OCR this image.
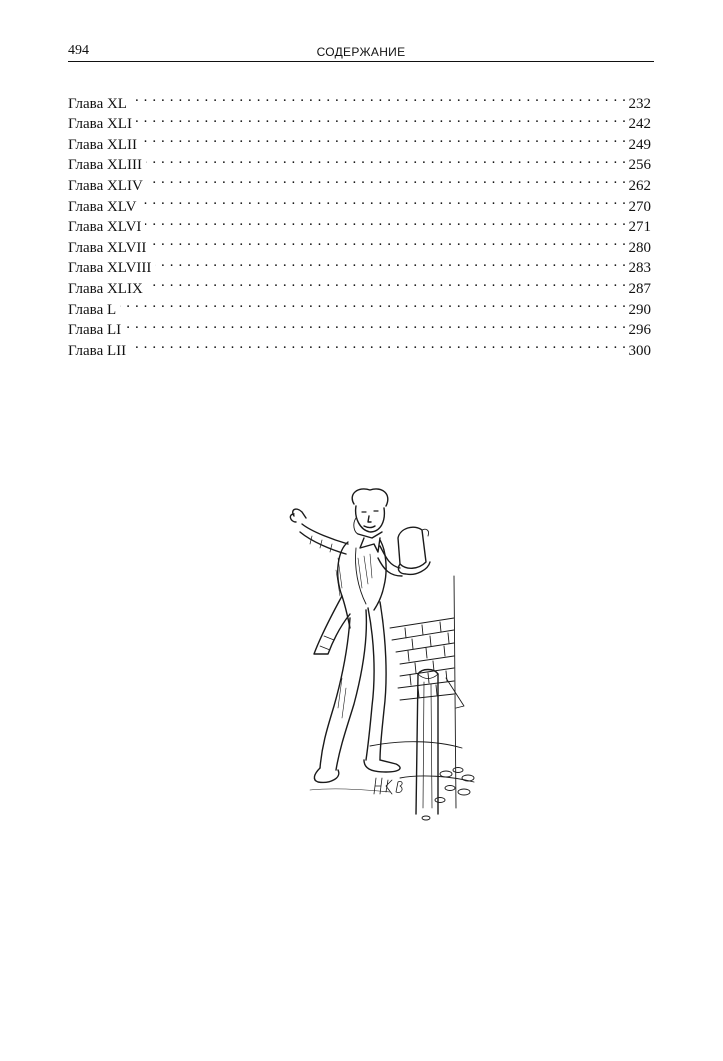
494	СОДЕРЖАНИЕ
Глава XL . . .	232
Глава XLI . . .	242
Глава XLII . . .	249
Глава XLIII . . .	256
Глава XLIV . . .	262
Глава XLV . . .	270
Глава XLVI . . .	271
Глава XLVII . . .	280
Глава XLVIII . . .	283
Глава XLIX . . .	287
Глава L . . .	290
Глава LI . . .	296
Глава LII . . .	300
